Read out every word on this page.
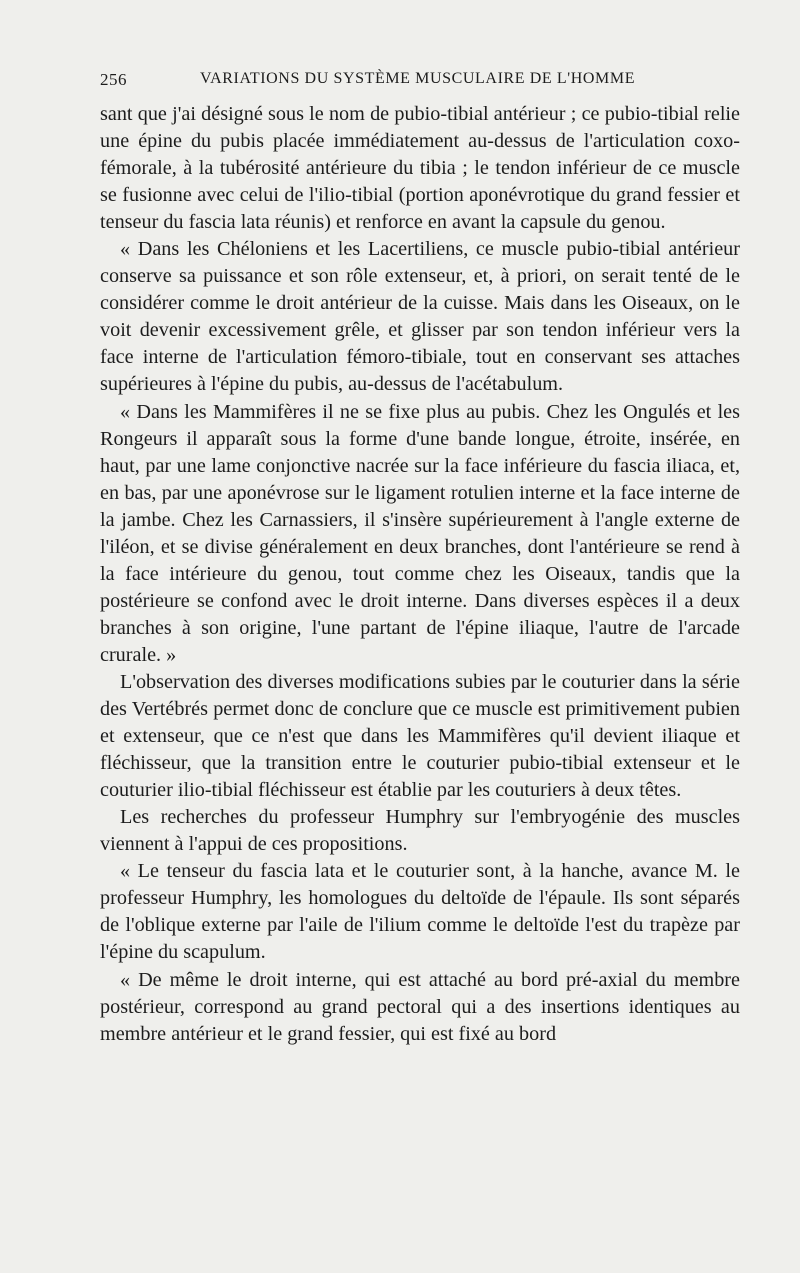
256	VARIATIONS DU SYSTÈME MUSCULAIRE DE L'HOMME

sant que j'ai désigné sous le nom de pubio-tibial antérieur ; ce pubio-tibial relie une épine du pubis placée immédiatement au-dessus de l'articulation coxo-fémorale, à la tubérosité antérieure du tibia ; le tendon inférieur de ce muscle se fusionne avec celui de l'ilio-tibial (portion aponévrotique du grand fessier et tenseur du fascia lata réunis) et renforce en avant la capsule du genou.

« Dans les Chéloniens et les Lacertiliens, ce muscle pubio-tibial antérieur conserve sa puissance et son rôle extenseur, et, à priori, on serait tenté de le considérer comme le droit antérieur de la cuisse. Mais dans les Oiseaux, on le voit devenir excessivement grêle, et glisser par son tendon inférieur vers la face interne de l'articulation fémoro-tibiale, tout en conservant ses attaches supérieures à l'épine du pubis, au-dessus de l'acétabulum.

« Dans les Mammifères il ne se fixe plus au pubis. Chez les Ongulés et les Rongeurs il apparaît sous la forme d'une bande longue, étroite, insérée, en haut, par une lame conjonctive nacrée sur la face inférieure du fascia iliaca, et, en bas, par une aponévrose sur le ligament rotulien interne et la face interne de la jambe. Chez les Carnassiers, il s'insère supérieurement à l'angle externe de l'iléon, et se divise généralement en deux branches, dont l'antérieure se rend à la face intérieure du genou, tout comme chez les Oiseaux, tandis que la postérieure se confond avec le droit interne. Dans diverses espèces il a deux branches à son origine, l'une partant de l'épine iliaque, l'autre de l'arcade crurale. »

L'observation des diverses modifications subies par le couturier dans la série des Vertébrés permet donc de conclure que ce muscle est primitivement pubien et extenseur, que ce n'est que dans les Mammifères qu'il devient iliaque et fléchisseur, que la transition entre le couturier pubio-tibial extenseur et le couturier ilio-tibial fléchisseur est établie par les couturiers à deux têtes.

Les recherches du professeur Humphry sur l'embryogénie des muscles viennent à l'appui de ces propositions.

« Le tenseur du fascia lata et le couturier sont, à la hanche, avance M. le professeur Humphry, les homologues du deltoïde de l'épaule. Ils sont séparés de l'oblique externe par l'aile de l'ilium comme le deltoïde l'est du trapèze par l'épine du scapulum.

« De même le droit interne, qui est attaché au bord pré-axial du membre postérieur, correspond au grand pectoral qui a des insertions identiques au membre antérieur et le grand fessier, qui est fixé au bord
